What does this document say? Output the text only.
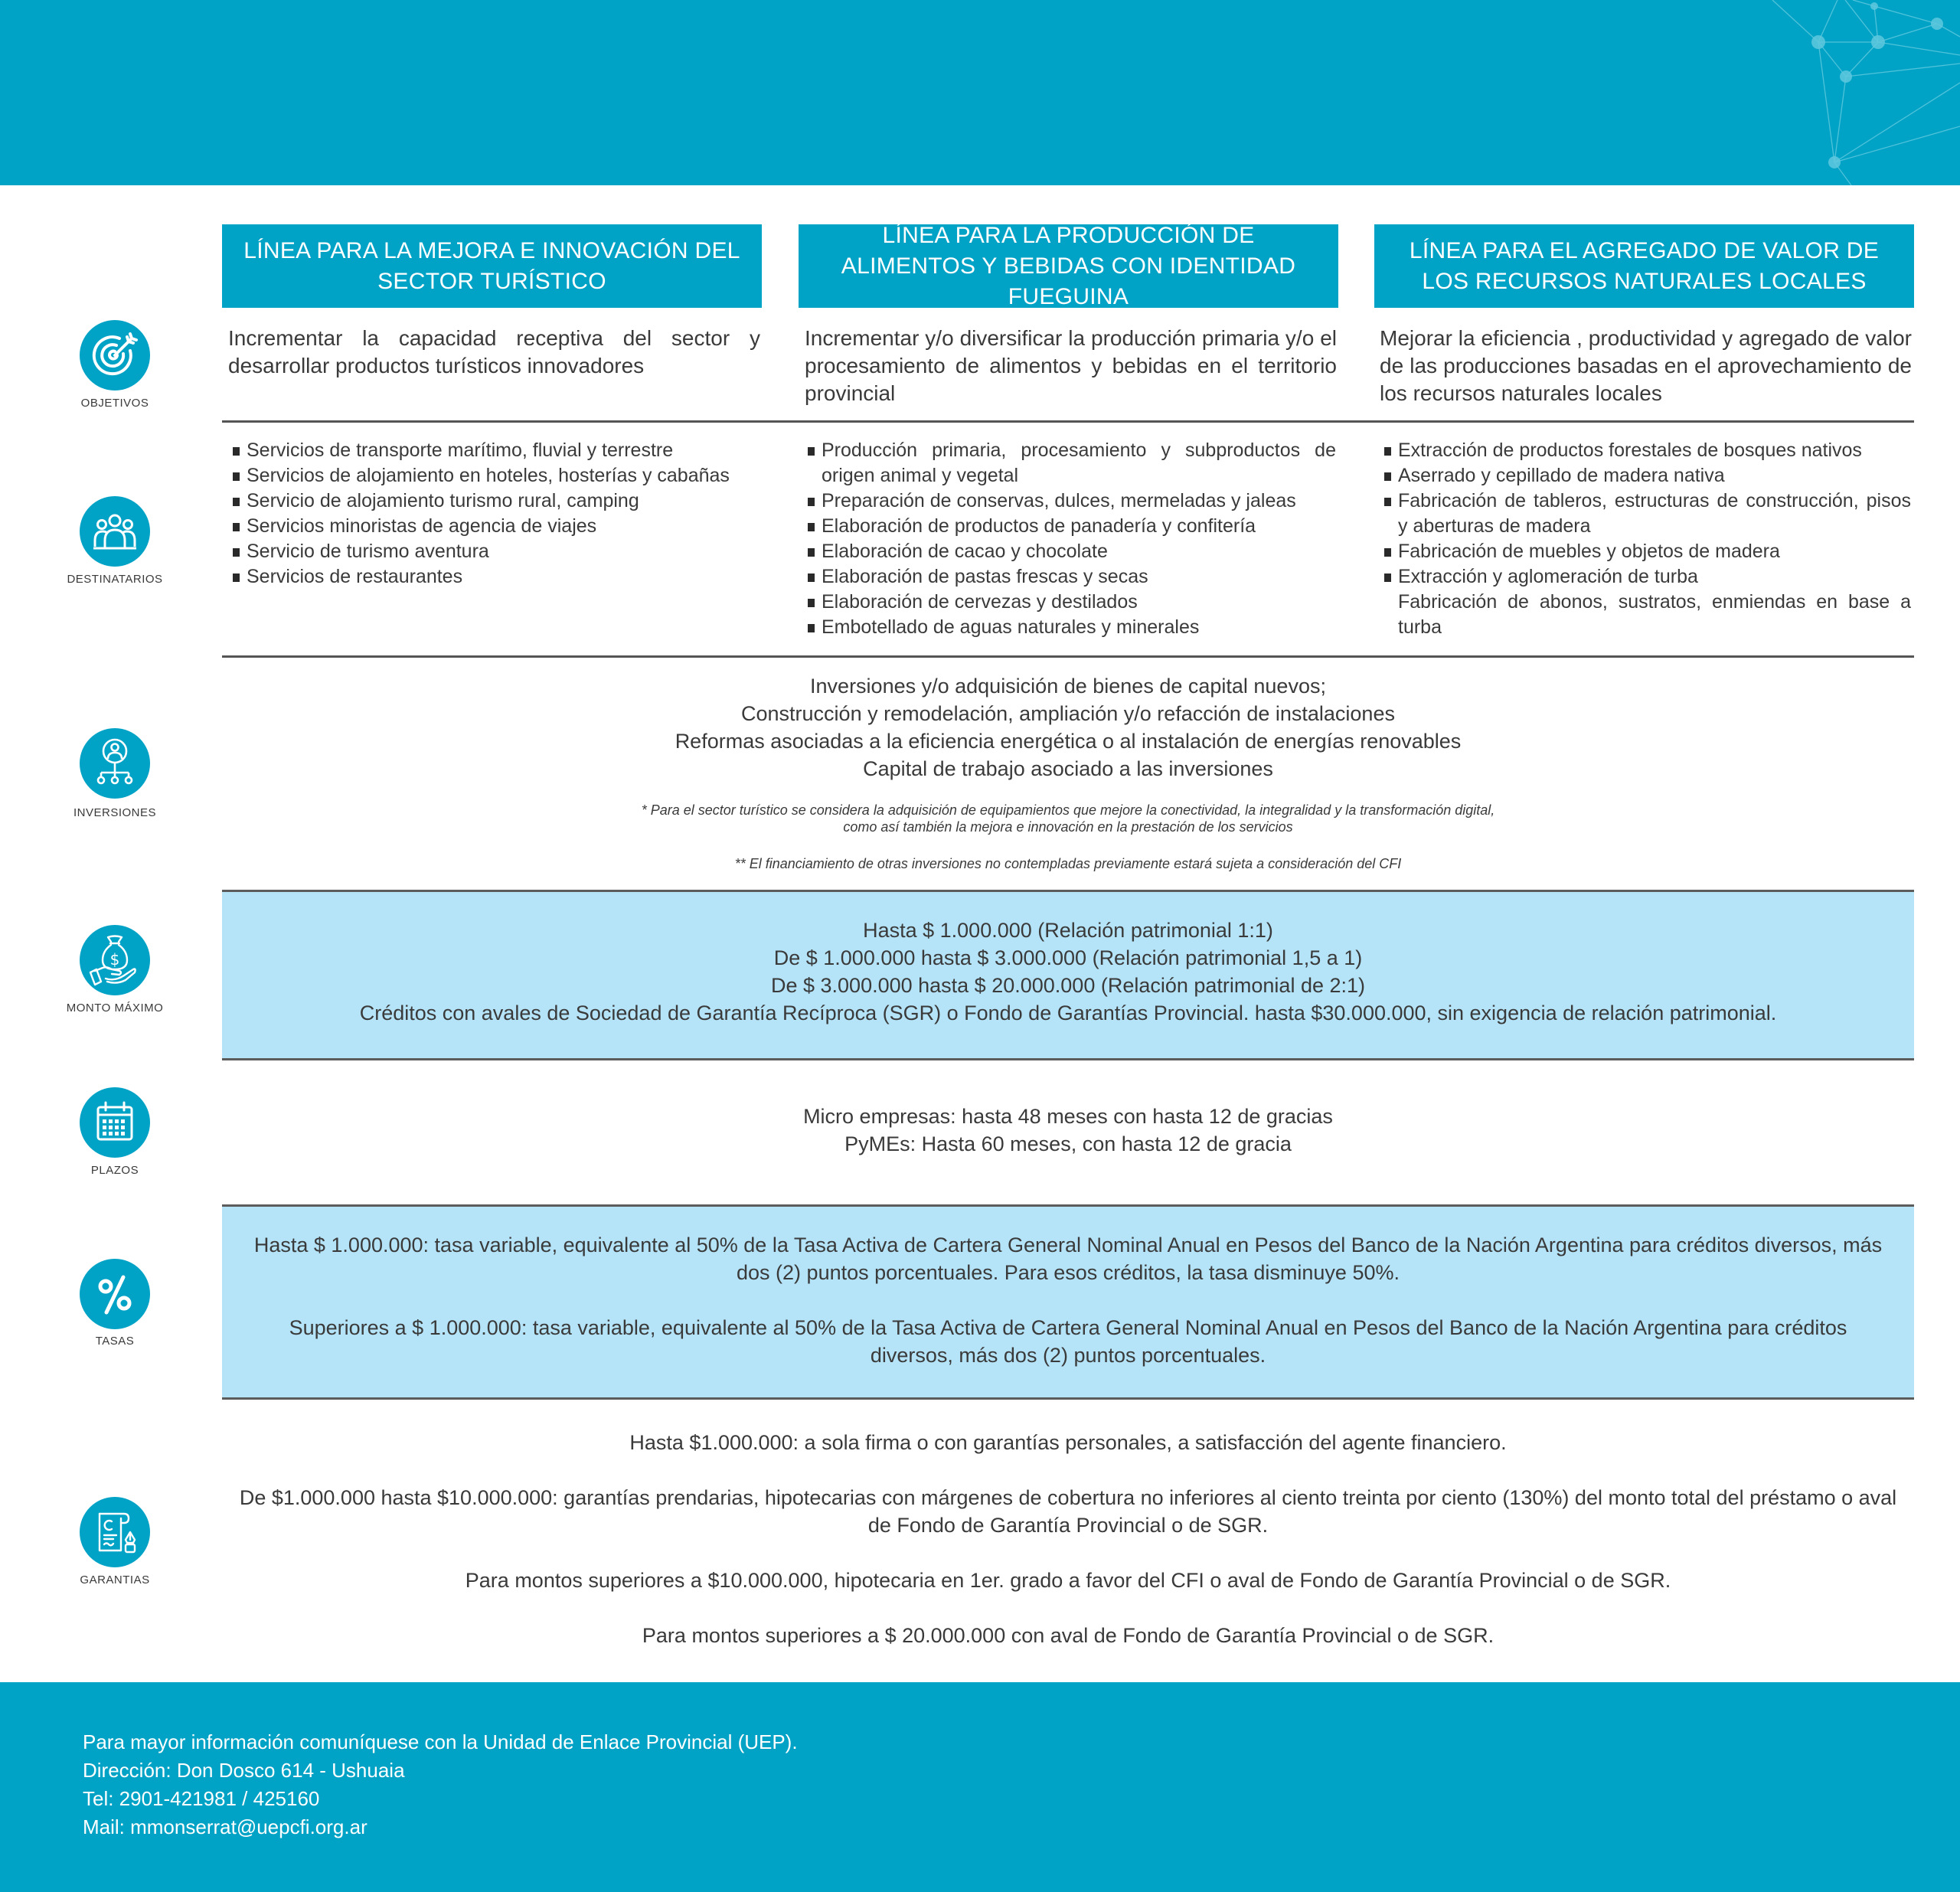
LÍNEA PARA LA MEJORA E INNOVACIÓN DEL SECTOR TURÍSTICO
LÍNEA PARA LA PRODUCCIÓN DE ALIMENTOS Y BEBIDAS CON IDENTIDAD FUEGUINA
LÍNEA PARA EL AGREGADO DE VALOR DE LOS RECURSOS NATURALES LOCALES
OBJETIVOS
Incrementar la capacidad receptiva del sector y desarrollar productos turísticos innovadores
Incrementar y/o diversificar la producción primaria y/o el procesamiento de alimentos y bebidas en el territorio provincial
Mejorar la eficiencia , productividad y agregado de valor de las producciones basadas en el aprovechamiento de los recursos naturales locales
DESTINATARIOS
Servicios de transporte marítimo, fluvial y terrestre
Servicios de alojamiento en hoteles, hosterías y cabañas
Servicio de alojamiento turismo rural, camping
Servicios minoristas de agencia de viajes
Servicio de turismo aventura
Servicios de restaurantes
Producción primaria, procesamiento y subproductos de origen animal y vegetal
Preparación de conservas, dulces, mermeladas y jaleas
Elaboración de productos de panadería y confitería
Elaboración de cacao y chocolate
Elaboración de pastas frescas y secas
Elaboración de cervezas y destilados
Embotellado de aguas naturales y minerales
Extracción de productos forestales de bosques nativos
Aserrado y cepillado de madera nativa
Fabricación de tableros, estructuras de construcción, pisos y aberturas de madera
Fabricación de muebles y objetos de madera
Extracción y aglomeración de turba
Fabricación de abonos, sustratos, enmiendas en base a turba
INVERSIONES
Inversiones y/o adquisición de bienes de capital nuevos;
Construcción y remodelación, ampliación y/o refacción de instalaciones
Reformas asociadas a la eficiencia energética o al instalación de energías renovables
Capital de trabajo asociado a las inversiones
* Para el sector turístico se considera la adquisición de equipamientos que mejore la conectividad, la integralidad y la transformación digital,
como así también la mejora e innovación en la prestación de los servicios
** El financiamiento de otras inversiones no contempladas previamente estará sujeta a consideración del CFI
$
MONTO MÁXIMO
Hasta $ 1.000.000 (Relación patrimonial 1:1)
De $ 1.000.000 hasta $ 3.000.000 (Relación patrimonial 1,5 a 1)
De $ 3.000.000 hasta $ 20.000.000 (Relación patrimonial de 2:1)
Créditos con avales de Sociedad de Garantía Recíproca (SGR) o Fondo de Garantías Provincial. hasta $30.000.000, sin exigencia de relación patrimonial.
PLAZOS
Micro empresas: hasta 48 meses con hasta 12 de gracias
PyMEs: Hasta 60 meses, con hasta 12 de gracia
TASAS
Hasta $ 1.000.000: tasa variable, equivalente al 50% de la Tasa Activa de Cartera General Nominal Anual en Pesos del Banco de la Nación Argentina para créditos diversos, más dos (2) puntos porcentuales. Para esos créditos, la tasa disminuye 50%.
Superiores a $ 1.000.000: tasa variable, equivalente al 50% de la Tasa Activa de Cartera General Nominal Anual en Pesos del Banco de la Nación Argentina para créditos diversos, más dos (2) puntos porcentuales.
GARANTIAS
Hasta $1.000.000: a sola firma o con garantías personales, a satisfacción del agente financiero.
De $1.000.000 hasta $10.000.000: garantías prendarias, hipotecarias con márgenes de cobertura no inferiores al ciento treinta por ciento (130%) del monto total del préstamo o aval de Fondo de Garantía Provincial o de SGR.
Para montos superiores a $10.000.000, hipotecaria en 1er. grado a favor del CFI o aval de Fondo de Garantía Provincial o de SGR.
Para montos superiores a $ 20.000.000 con aval de Fondo de Garantía Provincial o de SGR.
Para mayor información comuníquese con la Unidad de Enlace Provincial (UEP).
Dirección: Don Dosco 614 - Ushuaia
Tel: 2901-421981 / 425160
Mail: mmonserrat@uepcfi.org.ar
